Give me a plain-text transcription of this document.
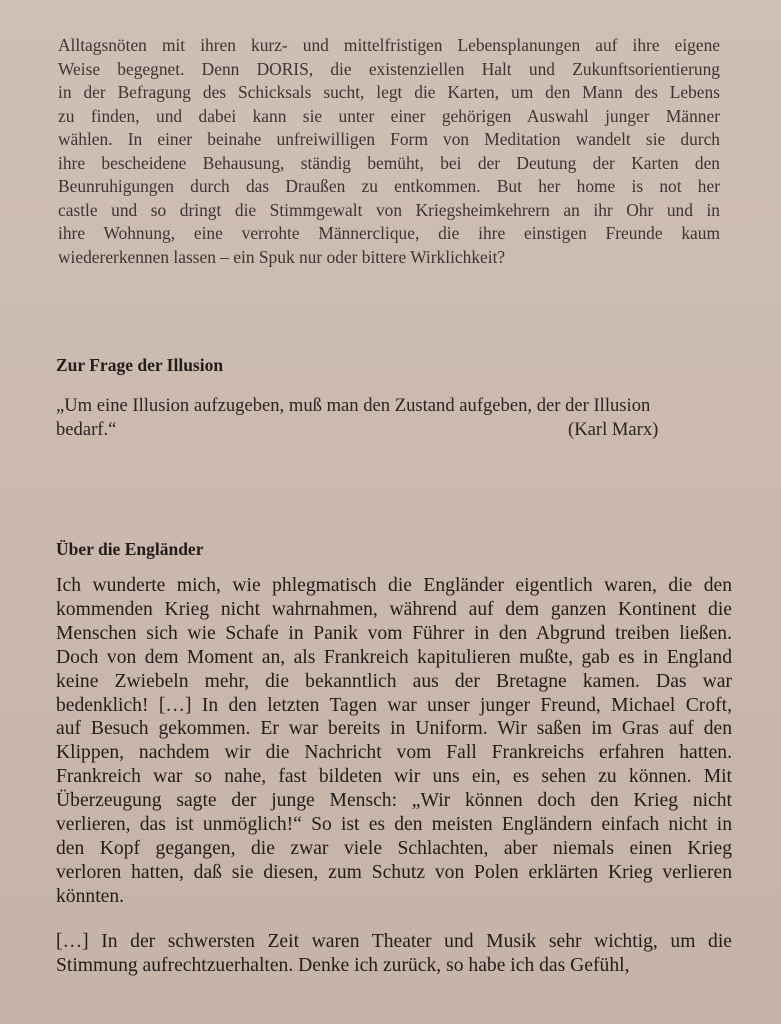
Alltagsnöten mit ihren kurz- und mittelfristigen Lebensplanungen auf ihre eigene
Weise begegnet. Denn DORIS, die existenziellen Halt und Zukunftsorientierung
in der Befragung des Schicksals sucht, legt die Karten, um den Mann des Lebens
zu finden, und dabei kann sie unter einer gehörigen Auswahl junger Männer
wählen. In einer beinahe unfreiwilligen Form von Meditation wandelt sie durch
ihre bescheidene Behausung, ständig bemüht, bei der Deutung der Karten den
Beunruhigungen durch das Draußen zu entkommen. But her home is not her
castle und so dringt die Stimmgewalt von Kriegsheimkehrern an ihr Ohr und in
ihre Wohnung, eine verrohte Männerclique, die ihre einstigen Freunde kaum
wiedererkennen lassen – ein Spuk nur oder bittere Wirklichkeit?
Zur Frage der Illusion
„Um eine Illusion aufzugeben, muß man den Zustand aufgeben, der der Illusion
bedarf.“	(Karl Marx)
Über die Engländer
Ich wunderte mich, wie phlegmatisch die Engländer eigentlich waren, die den
kommenden Krieg nicht wahrnahmen, während auf dem ganzen Kontinent die
Menschen sich wie Schafe in Panik vom Führer in den Abgrund treiben ließen.
Doch von dem Moment an, als Frankreich kapitulieren mußte, gab es in England
keine Zwiebeln mehr, die bekanntlich aus der Bretagne kamen. Das war
bedenklich! […] In den letzten Tagen war unser junger Freund, Michael Croft,
auf Besuch gekommen. Er war bereits in Uniform. Wir saßen im Gras auf den
Klippen, nachdem wir die Nachricht vom Fall Frankreichs erfahren hatten.
Frankreich war so nahe, fast bildeten wir uns ein, es sehen zu können. Mit
Überzeugung sagte der junge Mensch: „Wir können doch den Krieg nicht
verlieren, das ist unmöglich!“ So ist es den meisten Engländern einfach nicht in
den Kopf gegangen, die zwar viele Schlachten, aber niemals einen Krieg
verloren hatten, daß sie diesen, zum Schutz von Polen erklärten Krieg verlieren
könnten.
[…] In der schwersten Zeit waren Theater und Musik sehr wichtig, um die
Stimmung aufrechtzuerhalten. Denke ich zurück, so habe ich das Gefühl,
